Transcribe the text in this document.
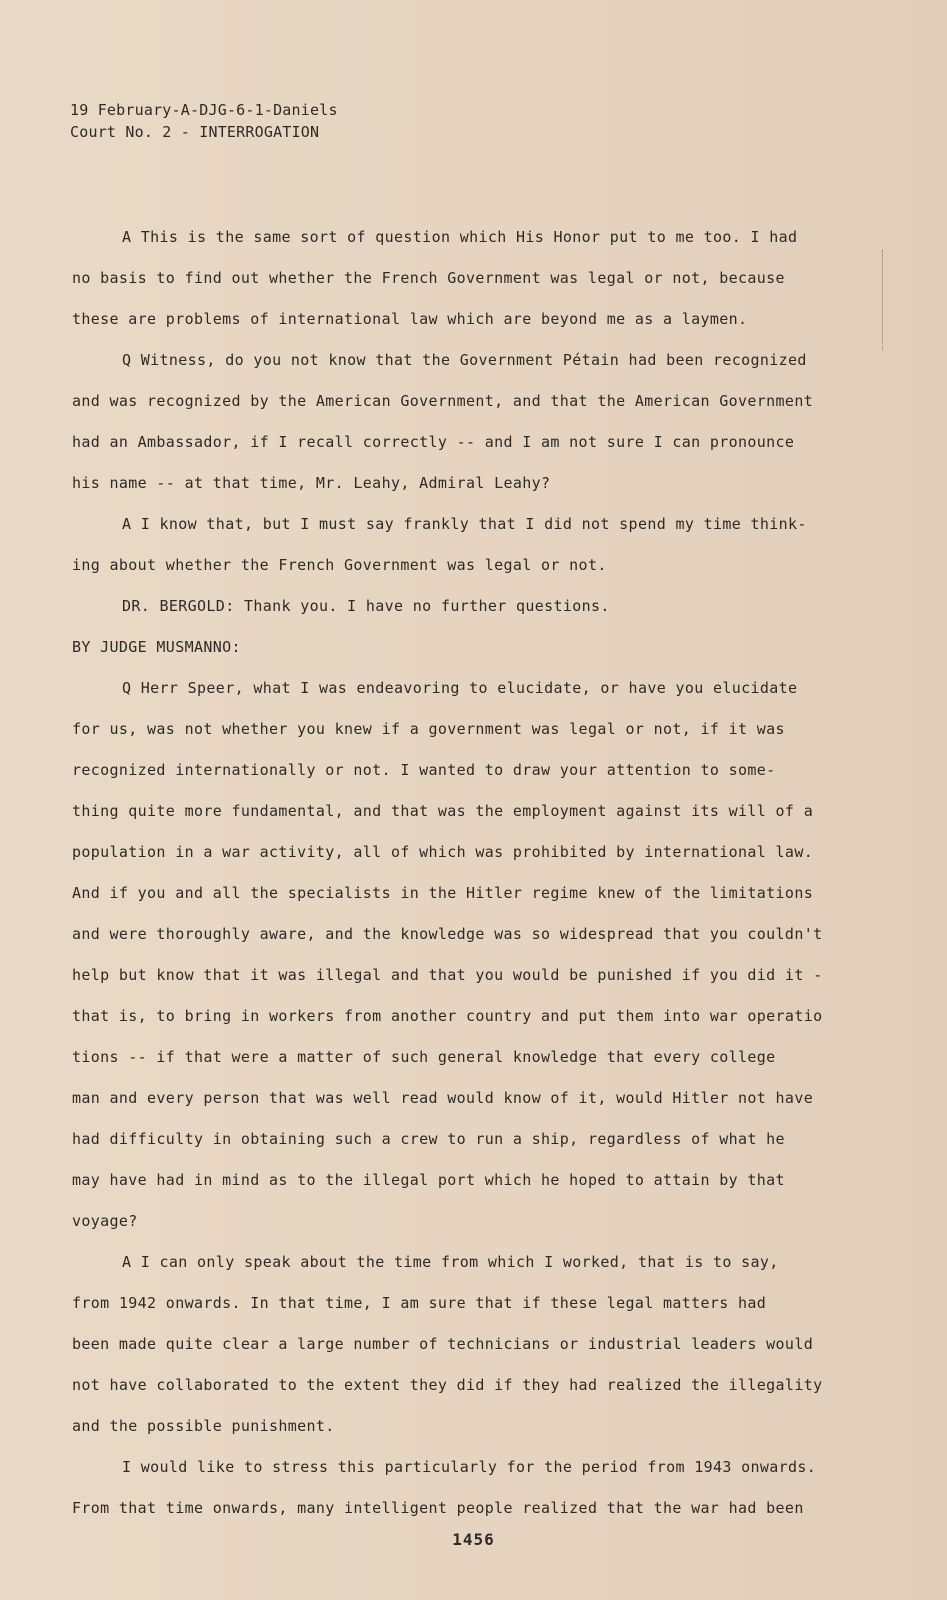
19 February-A-DJG-6-1-Daniels
Court No. 2 - INTERROGATION
A This is the same sort of question which His Honor put to me too. I had
no basis to find out whether the French Government was legal or not, because
these are problems of international law which are beyond me as a laymen.
Q Witness, do you not know that the Government Pétain had been recognized
and was recognized by the American Government, and that the American Government
had an Ambassador, if I recall correctly -- and I am not sure I can pronounce
his name -- at that time, Mr. Leahy, Admiral Leahy?
A I know that, but I must say frankly that I did not spend my time think-
ing about whether the French Government was legal or not.
DR. BERGOLD: Thank you. I have no further questions.
BY JUDGE MUSMANNO:
Q Herr Speer, what I was endeavoring to elucidate, or have you elucidate
for us, was not whether you knew if a government was legal or not, if it was
recognized internationally or not. I wanted to draw your attention to some-
thing quite more fundamental, and that was the employment against its will of a
population in a war activity, all of which was prohibited by international law.
And if you and all the specialists in the Hitler regime knew of the limitations
and were thoroughly aware, and the knowledge was so widespread that you couldn't
help but know that it was illegal and that you would be punished if you did it -
that is, to bring in workers from another country and put them into war operatio
tions -- if that were a matter of such general knowledge that every college
man and every person that was well read would know of it, would Hitler not have
had difficulty in obtaining such a crew to run a ship, regardless of what he
may have had in mind as to the illegal port which he hoped to attain by that
voyage?
A I can only speak about the time from which I worked, that is to say,
from 1942 onwards. In that time, I am sure that if these legal matters had
been made quite clear a large number of technicians or industrial leaders would
not have collaborated to the extent they did if they had realized the illegality
and the possible punishment.
I would like to stress this particularly for the period from 1943 onwards.
From that time onwards, many intelligent people realized that the war had been
1456
